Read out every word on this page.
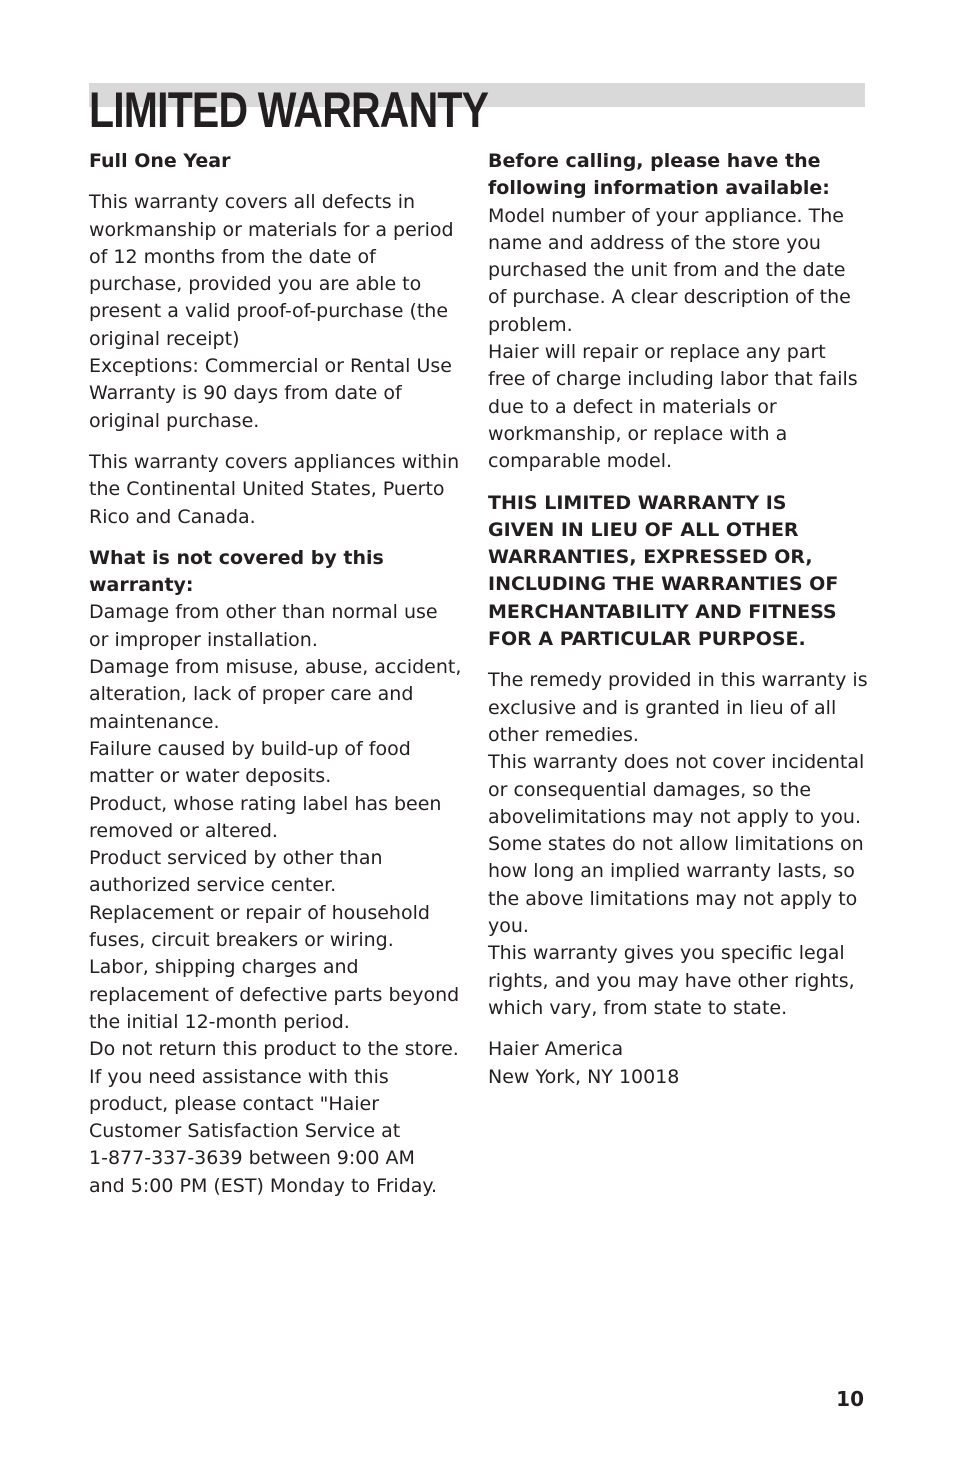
LIMITED WARRANTY

Full One Year

This warranty covers all defects in
workmanship or materials for a period
of 12 months from the date of
purchase, provided you are able to
present a valid proof-of-purchase (the
original receipt)
Exceptions: Commercial or Rental Use
Warranty is 90 days from date of
original purchase.

This warranty covers appliances within
the Continental United States, Puerto
Rico and Canada.

What is not covered by this
warranty:
Damage from other than normal use
or improper installation.
Damage from misuse, abuse, accident,
alteration, lack of proper care and
maintenance.
Failure caused by build-up of food
matter or water deposits.
Product, whose rating label has been
removed or altered.
Product serviced by other than
authorized service center.
Replacement or repair of household
fuses, circuit breakers or wiring.
Labor, shipping charges and
replacement of defective parts beyond
the initial 12-month period.
Do not return this product to the store.
If you need assistance with this
product, please contact "Haier
Customer Satisfaction Service at
1-877-337-3639 between 9:00 AM
and 5:00 PM (EST) Monday to Friday.

Before calling, please have the
following information available:
Model number of your appliance. The
name and address of the store you
purchased the unit from and the date
of purchase. A clear description of the
problem.
Haier will repair or replace any part
free of charge including labor that fails
due to a defect in materials or
workmanship, or replace with a
comparable model.

THIS LIMITED WARRANTY IS
GIVEN IN LIEU OF ALL OTHER
WARRANTIES, EXPRESSED OR,
INCLUDING THE WARRANTIES OF
MERCHANTABILITY AND FITNESS
FOR A PARTICULAR PURPOSE.

The remedy provided in this warranty is
exclusive and is granted in lieu of all
other remedies.
This warranty does not cover incidental
or consequential damages, so the
abovelimitations may not apply to you.
Some states do not allow limitations on
how long an implied warranty lasts, so
the above limitations may not apply to
you.
This warranty gives you specific legal
rights, and you may have other rights,
which vary, from state to state.

Haier America
New York, NY 10018

10
